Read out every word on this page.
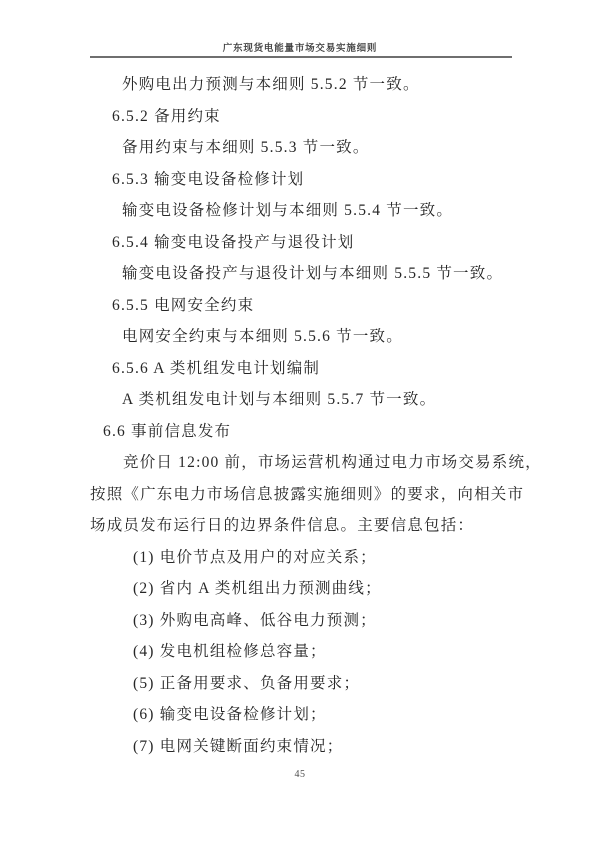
广东现货电能量市场交易实施细则
外购电出力预测与本细则 5.5.2 节一致。
6.5.2 备用约束
备用约束与本细则 5.5.3 节一致。
6.5.3 输变电设备检修计划
输变电设备检修计划与本细则 5.5.4 节一致。
6.5.4 输变电设备投产与退役计划
输变电设备投产与退役计划与本细则 5.5.5 节一致。
6.5.5 电网安全约束
电网安全约束与本细则 5.5.6 节一致。
6.5.6 A 类机组发电计划编制
A 类机组发电计划与本细则 5.5.7 节一致。
6.6 事前信息发布
竞价日 12:00 前，市场运营机构通过电力市场交易系统，
按照《广东电力市场信息披露实施细则》的要求，向相关市
场成员发布运行日的边界条件信息。主要信息包括：
(1) 电价节点及用户的对应关系；
(2) 省内 A 类机组出力预测曲线；
(3) 外购电高峰、低谷电力预测；
(4) 发电机组检修总容量；
(5) 正备用要求、负备用要求；
(6) 输变电设备检修计划；
(7) 电网关键断面约束情况；
45
